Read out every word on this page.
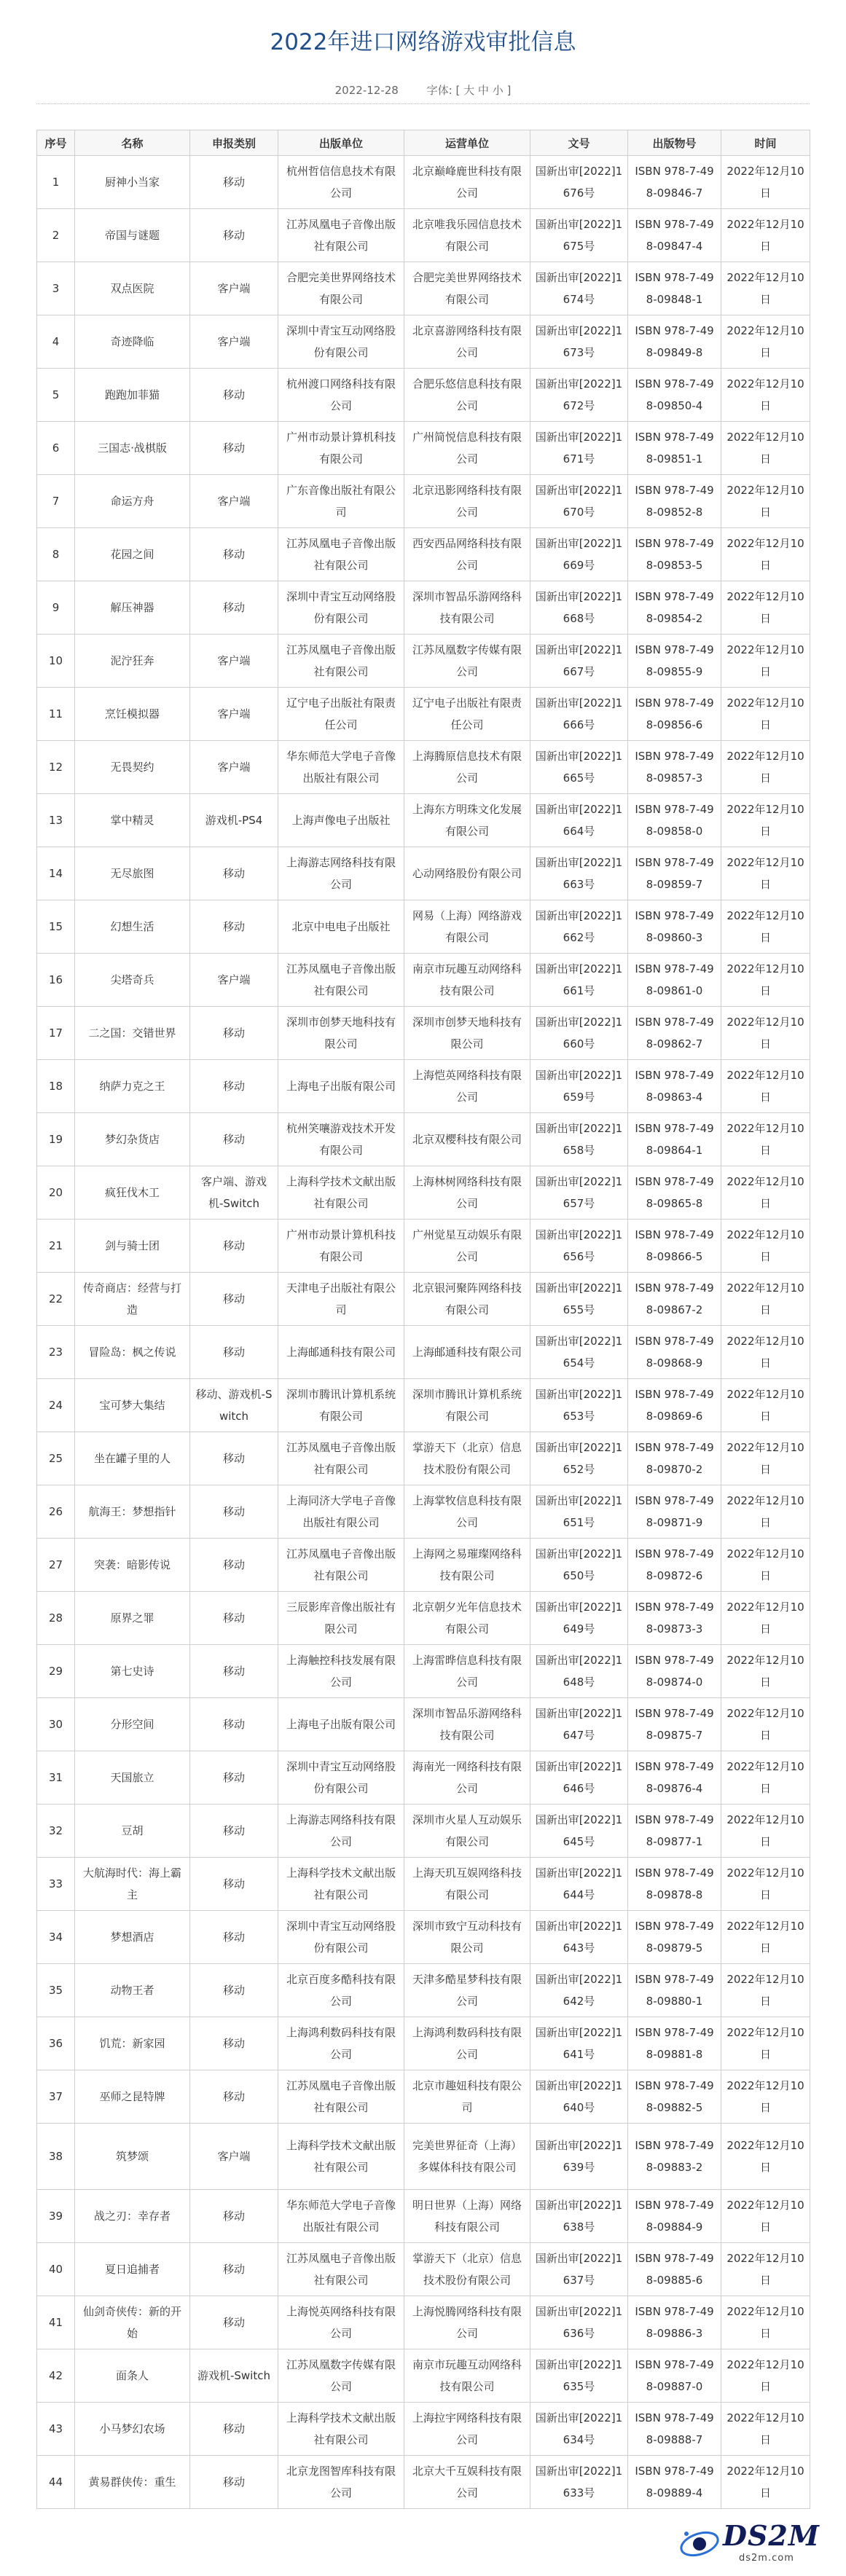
2022年进口网络游戏审批信息
2022-12-28	字体: [ 大 中 小 ]
序号	名称	申报类别	出版单位	运营单位	文号	出版物号	时间
1	厨神小当家	移动	杭州哲信信息技术有限公司	北京巅峰鹿世科技有限公司	国新出审[2022]1676号	ISBN 978-7-498-09846-7	2022年12月10日
2	帝国与谜题	移动	江苏凤凰电子音像出版社有限公司	北京唯我乐园信息技术有限公司	国新出审[2022]1675号	ISBN 978-7-498-09847-4	2022年12月10日
3	双点医院	客户端	合肥完美世界网络技术有限公司	合肥完美世界网络技术有限公司	国新出审[2022]1674号	ISBN 978-7-498-09848-1	2022年12月10日
4	奇迹降临	客户端	深圳中青宝互动网络股份有限公司	北京喜游网络科技有限公司	国新出审[2022]1673号	ISBN 978-7-498-09849-8	2022年12月10日
5	跑跑加菲猫	移动	杭州渡口网络科技有限公司	合肥乐悠信息科技有限公司	国新出审[2022]1672号	ISBN 978-7-498-09850-4	2022年12月10日
6	三国志·战棋版	移动	广州市动景计算机科技有限公司	广州简悦信息科技有限公司	国新出审[2022]1671号	ISBN 978-7-498-09851-1	2022年12月10日
7	命运方舟	客户端	广东音像出版社有限公司	北京迅影网络科技有限公司	国新出审[2022]1670号	ISBN 978-7-498-09852-8	2022年12月10日
8	花园之间	移动	江苏凤凰电子音像出版社有限公司	西安西品网络科技有限公司	国新出审[2022]1669号	ISBN 978-7-498-09853-5	2022年12月10日
9	解压神器	移动	深圳中青宝互动网络股份有限公司	深圳市智品乐游网络科技有限公司	国新出审[2022]1668号	ISBN 978-7-498-09854-2	2022年12月10日
10	泥泞狂奔	客户端	江苏凤凰电子音像出版社有限公司	江苏凤凰数字传媒有限公司	国新出审[2022]1667号	ISBN 978-7-498-09855-9	2022年12月10日
11	烹饪模拟器	客户端	辽宁电子出版社有限责任公司	辽宁电子出版社有限责任公司	国新出审[2022]1666号	ISBN 978-7-498-09856-6	2022年12月10日
12	无畏契约	客户端	华东师范大学电子音像出版社有限公司	上海腾原信息技术有限公司	国新出审[2022]1665号	ISBN 978-7-498-09857-3	2022年12月10日
13	掌中精灵	游戏机-PS4	上海声像电子出版社	上海东方明珠文化发展有限公司	国新出审[2022]1664号	ISBN 978-7-498-09858-0	2022年12月10日
14	无尽旅图	移动	上海游志网络科技有限公司	心动网络股份有限公司	国新出审[2022]1663号	ISBN 978-7-498-09859-7	2022年12月10日
15	幻想生活	移动	北京中电电子出版社	网易（上海）网络游戏有限公司	国新出审[2022]1662号	ISBN 978-7-498-09860-3	2022年12月10日
16	尖塔奇兵	客户端	江苏凤凰电子音像出版社有限公司	南京市玩趣互动网络科技有限公司	国新出审[2022]1661号	ISBN 978-7-498-09861-0	2022年12月10日
17	二之国：交错世界	移动	深圳市创梦天地科技有限公司	深圳市创梦天地科技有限公司	国新出审[2022]1660号	ISBN 978-7-498-09862-7	2022年12月10日
18	纳萨力克之王	移动	上海电子出版有限公司	上海恺英网络科技有限公司	国新出审[2022]1659号	ISBN 978-7-498-09863-4	2022年12月10日
19	梦幻杂货店	移动	杭州笑嚷游戏技术开发有限公司	北京双樱科技有限公司	国新出审[2022]1658号	ISBN 978-7-498-09864-1	2022年12月10日
20	疯狂伐木工	客户端、游戏机-Switch	上海科学技术文献出版社有限公司	上海林树网络科技有限公司	国新出审[2022]1657号	ISBN 978-7-498-09865-8	2022年12月10日
21	剑与骑士团	移动	广州市动景计算机科技有限公司	广州觉星互动娱乐有限公司	国新出审[2022]1656号	ISBN 978-7-498-09866-5	2022年12月10日
22	传奇商店：经营与打造	移动	天津电子出版社有限公司	北京银河聚阵网络科技有限公司	国新出审[2022]1655号	ISBN 978-7-498-09867-2	2022年12月10日
23	冒险岛：枫之传说	移动	上海邮通科技有限公司	上海邮通科技有限公司	国新出审[2022]1654号	ISBN 978-7-498-09868-9	2022年12月10日
24	宝可梦大集结	移动、游戏机-Switch	深圳市腾讯计算机系统有限公司	深圳市腾讯计算机系统有限公司	国新出审[2022]1653号	ISBN 978-7-498-09869-6	2022年12月10日
25	坐在罐子里的人	移动	江苏凤凰电子音像出版社有限公司	掌游天下（北京）信息技术股份有限公司	国新出审[2022]1652号	ISBN 978-7-498-09870-2	2022年12月10日
26	航海王：梦想指针	移动	上海同济大学电子音像出版社有限公司	上海掌牧信息科技有限公司	国新出审[2022]1651号	ISBN 978-7-498-09871-9	2022年12月10日
27	突袭：暗影传说	移动	江苏凤凰电子音像出版社有限公司	上海网之易璀璨网络科技有限公司	国新出审[2022]1650号	ISBN 978-7-498-09872-6	2022年12月10日
28	原界之罪	移动	三辰影库音像出版社有限公司	北京朝夕光年信息技术有限公司	国新出审[2022]1649号	ISBN 978-7-498-09873-3	2022年12月10日
29	第七史诗	移动	上海触控科技发展有限公司	上海雷晔信息科技有限公司	国新出审[2022]1648号	ISBN 978-7-498-09874-0	2022年12月10日
30	分形空间	移动	上海电子出版有限公司	深圳市智品乐游网络科技有限公司	国新出审[2022]1647号	ISBN 978-7-498-09875-7	2022年12月10日
31	天国旅立	移动	深圳中青宝互动网络股份有限公司	海南光一网络科技有限公司	国新出审[2022]1646号	ISBN 978-7-498-09876-4	2022年12月10日
32	豆胡	移动	上海游志网络科技有限公司	深圳市火星人互动娱乐有限公司	国新出审[2022]1645号	ISBN 978-7-498-09877-1	2022年12月10日
33	大航海时代：海上霸主	移动	上海科学技术文献出版社有限公司	上海天玑互娱网络科技有限公司	国新出审[2022]1644号	ISBN 978-7-498-09878-8	2022年12月10日
34	梦想酒店	移动	深圳中青宝互动网络股份有限公司	深圳市致宁互动科技有限公司	国新出审[2022]1643号	ISBN 978-7-498-09879-5	2022年12月10日
35	动物王者	移动	北京百度多酷科技有限公司	天津多酷星梦科技有限公司	国新出审[2022]1642号	ISBN 978-7-498-09880-1	2022年12月10日
36	饥荒：新家园	移动	上海鸿利数码科技有限公司	上海鸿利数码科技有限公司	国新出审[2022]1641号	ISBN 978-7-498-09881-8	2022年12月10日
37	巫师之昆特牌	移动	江苏凤凰电子音像出版社有限公司	北京市趣妞科技有限公司	国新出审[2022]1640号	ISBN 978-7-498-09882-5	2022年12月10日
38	筑梦颂	客户端	上海科学技术文献出版社有限公司	完美世界征奇（上海）多媒体科技有限公司	国新出审[2022]1639号	ISBN 978-7-498-09883-2	2022年12月10日
39	战之刃：幸存者	移动	华东师范大学电子音像出版社有限公司	明日世界（上海）网络科技有限公司	国新出审[2022]1638号	ISBN 978-7-498-09884-9	2022年12月10日
40	夏日追捕者	移动	江苏凤凰电子音像出版社有限公司	掌游天下（北京）信息技术股份有限公司	国新出审[2022]1637号	ISBN 978-7-498-09885-6	2022年12月10日
41	仙剑奇侠传：新的开始	移动	上海悦英网络科技有限公司	上海悦腾网络科技有限公司	国新出审[2022]1636号	ISBN 978-7-498-09886-3	2022年12月10日
42	面条人	游戏机-Switch	江苏凤凰数字传媒有限公司	南京市玩趣互动网络科技有限公司	国新出审[2022]1635号	ISBN 978-7-498-09887-0	2022年12月10日
43	小马梦幻农场	移动	上海科学技术文献出版社有限公司	上海拉宇网络科技有限公司	国新出审[2022]1634号	ISBN 978-7-498-09888-7	2022年12月10日
44	黄易群侠传：重生	移动	北京龙图智库科技有限公司	北京大千互娱科技有限公司	国新出审[2022]1633号	ISBN 978-7-498-09889-4	2022年12月10日
DS2M
ds2m.com
